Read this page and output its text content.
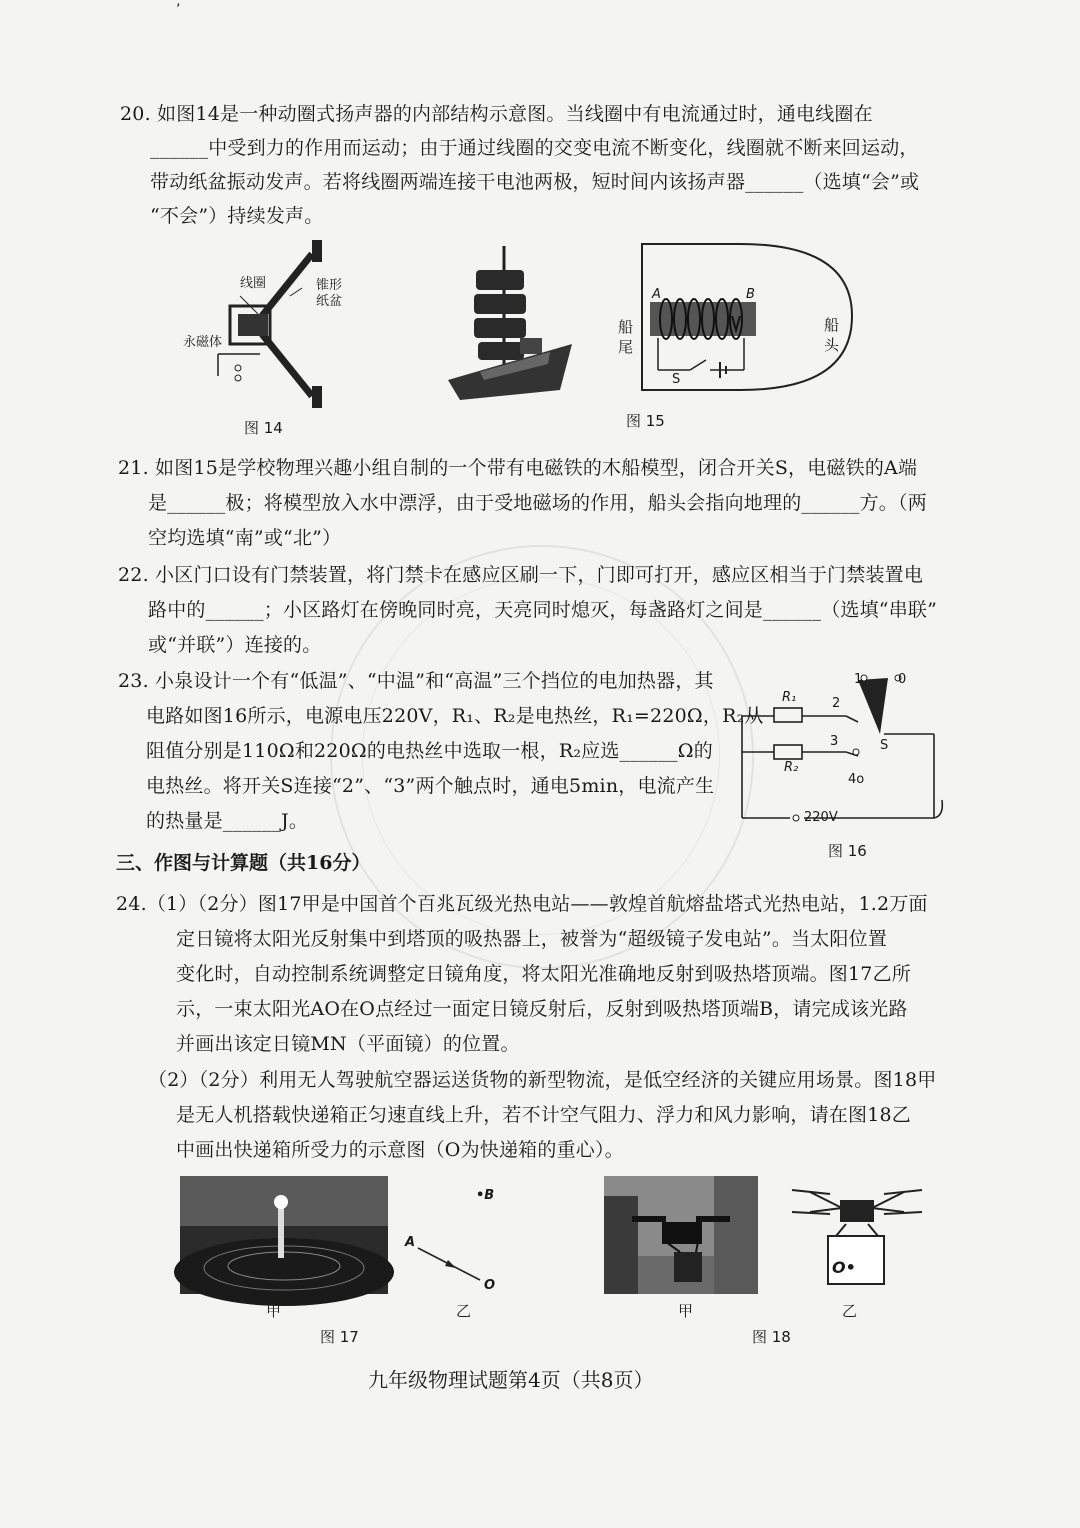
’
20. 如图14是一种动圈式扬声器的内部结构示意图。当线圈中有电流通过时，通电线圈在
______中受到力的作用而运动；由于通过线圈的交变电流不断变化，线圈就不断来回运动，
带动纸盆振动发声。若将线圈两端连接干电池两极，短时间内该扬声器______（选填“会”或
“不会”）持续发声。
线圈	锥形
纸盆
永磁体
图 14
A	B
船
尾
船
头
S
图 15
21. 如图15是学校物理兴趣小组自制的一个带有电磁铁的木船模型，闭合开关S，电磁铁的A端
是______极；将模型放入水中漂浮，由于受地磁场的作用，船头会指向地理的______方。（两
空均选填“南”或“北”）
22. 小区门口设有门禁装置，将门禁卡在感应区刷一下，门即可打开，感应区相当于门禁装置电
路中的______；小区路灯在傍晚同时亮，天亮同时熄灭，每盏路灯之间是______（选填“串联”
或“并联”）连接的。
23. 小泉设计一个有“低温”、“中温”和“高温”三个挡位的电加热器，其
电路如图16所示，电源电压220V，R₁、R₂是电热丝，R₁=220Ω，R₂从
阻值分别是110Ω和220Ω的电热丝中选取一根，R₂应选______Ω的
电热丝。将开关S连接“2”、“3”两个触点时，通电5min，电流产生
的热量是______J。
R₁
R₂
1	0
2
3
4o
S
220V
图 16
三、作图与计算题（共16分）
24.（1）（2分）图17甲是中国首个百兆瓦级光热电站——敦煌首航熔盐塔式光热电站，1.2万面
定日镜将太阳光反射集中到塔顶的吸热器上，被誉为“超级镜子发电站”。当太阳位置
变化时，自动控制系统调整定日镜角度，将太阳光准确地反射到吸热塔顶端。图17乙所
示，一束太阳光AO在O点经过一面定日镜反射后，反射到吸热塔顶端B，请完成该光路
并画出该定日镜MN（平面镜）的位置。
（2）（2分）利用无人驾驶航空器运送货物的新型物流，是低空经济的关键应用场景。图18甲
是无人机搭载快递箱正匀速直线上升，若不计空气阻力、浮力和风力影响，请在图18乙
中画出快递箱所受力的示意图（O为快递箱的重心）。
•B
A
O
甲	乙
图 17
O•
甲	乙
图 18
九年级物理试题第4页（共8页）
